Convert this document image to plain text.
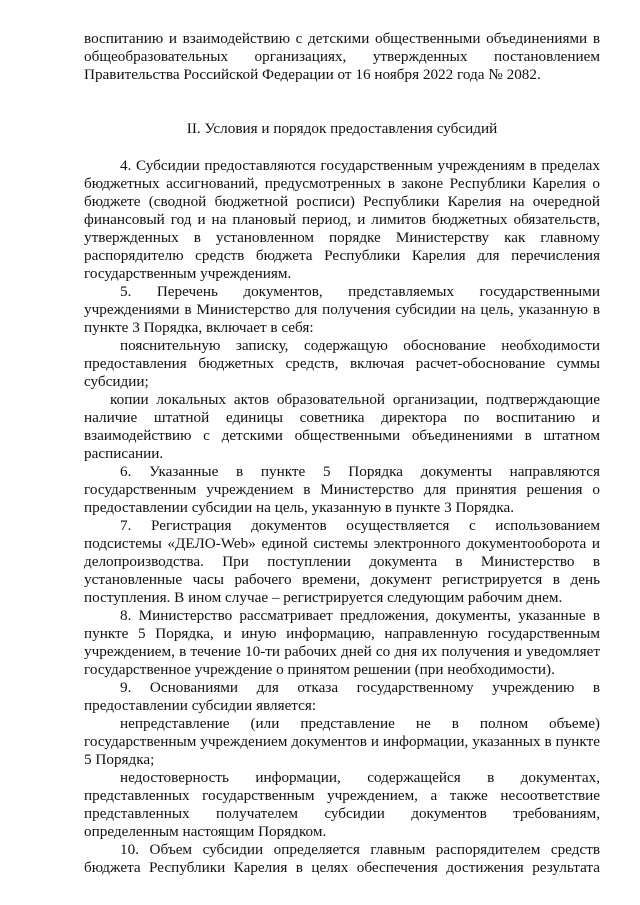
воспитанию и взаимодействию с детскими общественными объединениями в
общеобразовательных организациях, утвержденных постановлением
Правительства Российской Федерации от 16 ноября 2022 года № 2082.
II. Условия и порядок предоставления субсидий
4. Субсидии предоставляются государственным учреждениям в пределах
бюджетных ассигнований, предусмотренных в законе Республики Карелия о
бюджете (сводной бюджетной росписи) Республики Карелия на очередной
финансовый год и на плановый период, и лимитов бюджетных обязательств,
утвержденных в установленном порядке Министерству как главному
распорядителю средств бюджета Республики Карелия для перечисления
государственным учреждениям.
5. Перечень документов, представляемых государственными
учреждениями в Министерство для получения субсидии на цель, указанную в
пункте 3 Порядка, включает в себя:
пояснительную записку, содержащую обоснование необходимости
предоставления бюджетных средств, включая расчет-обоснование суммы
субсидии;
копии локальных актов образовательной организации, подтверждающие
наличие штатной единицы советника директора по воспитанию и
взаимодействию с детскими общественными объединениями в штатном
расписании.
6. Указанные в пункте 5 Порядка документы направляются
государственным учреждением в Министерство для принятия решения о
предоставлении субсидии на цель, указанную в пункте 3 Порядка.
7. Регистрация документов осуществляется с использованием
подсистемы «ДЕЛО-Web» единой системы электронного документооборота и
делопроизводства. При поступлении документа в Министерство в
установленные часы рабочего времени, документ регистрируется в день
поступления. В ином случае – регистрируется следующим рабочим днем.
8. Министерство рассматривает предложения, документы, указанные в
пункте 5 Порядка, и иную информацию, направленную государственным
учреждением, в течение 10-ти рабочих дней со дня их получения и уведомляет
государственное учреждение о принятом решении (при необходимости).
9. Основаниями для отказа государственному учреждению в
предоставлении субсидии является:
непредставление (или представление не в полном объеме)
государственным учреждением документов и информации, указанных в пункте
5 Порядка;
недостоверность информации, содержащейся в документах,
представленных государственным учреждением, а также несоответствие
представленных получателем субсидии документов требованиям,
определенным настоящим Порядком.
10. Объем субсидии определяется главным распорядителем средств
бюджета Республики Карелия в целях обеспечения достижения результата
